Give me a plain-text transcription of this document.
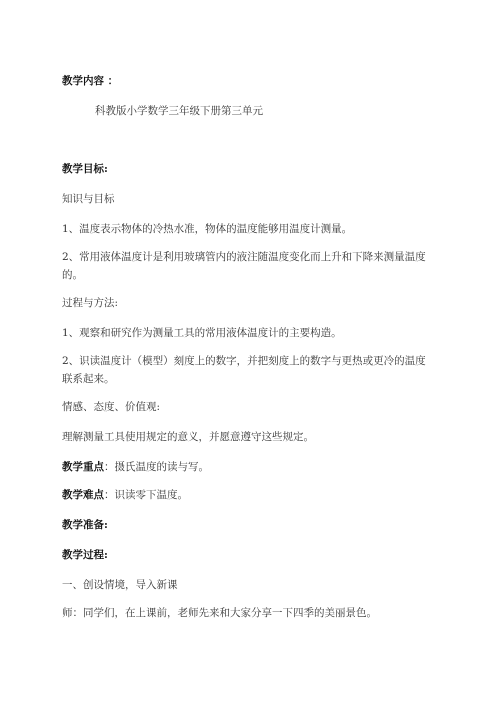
教学内容 ：
科教版小学数学三年级下册第三单元
教学目标:
知识与目标
1、温度表示物体的冷热水准，物体的温度能够用温度计测量。
2、常用液体温度计是利用玻璃管内的液注随温度变化而上升和下降来测量温度的。
过程与方法:
1、观察和研究作为测量工具的常用液体温度计的主要构造。
2、识读温度计（模型）刻度上的数字，并把刻度上的数字与更热或更冷的温度联系起来。
情感、态度、价值观:
理解测量工具使用规定的意义，并愿意遵守这些规定。
教学重点：摄氏温度的读与写。
教学难点：识读零下温度。
教学准备:
教学过程:
一、创设情境，导入新课
师：同学们，在上课前，老师先来和大家分享一下四季的美丽景色。
